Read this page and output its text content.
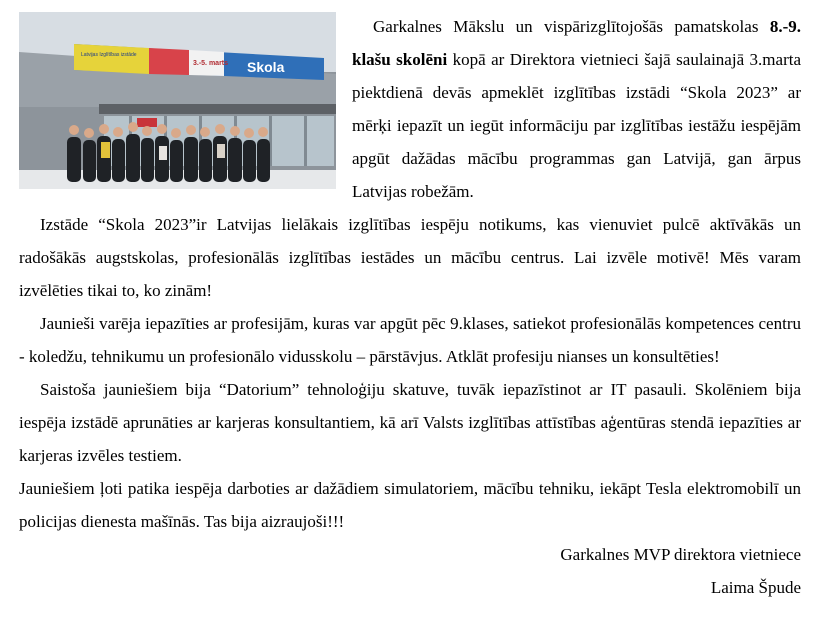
Latvijas Izglītības izstāde
3.-5. marts Skola

Garkalnes Mākslu un vispārizglītojošās pamatskolas 8.-9. klašu skolēni kopā ar Direktora vietnieci šajā saulainajā 3.marta piektdienā devās apmeklēt izglītības izstādi “Skola 2023” ar mērķi iepazīt un iegūt informāciju par izglītības iestāžu iespējām apgūt dažādas mācību programmas gan Latvijā, gan ārpus Latvijas robežām.

Izstāde “Skola 2023”ir Latvijas lielākais izglītības iespēju notikums, kas vienuviet pulcē aktīvākās un radošākās augstskolas, profesionālās izglītības iestādes un mācību centrus. Lai izvēle motivē! Mēs varam izvēlēties tikai to, ko zinām!

Jaunieši varēja iepazīties ar profesijām, kuras var apgūt pēc 9.klases, satiekot profesionālās kompetences centru - koledžu, tehnikumu un profesionālo vidusskolu – pārstāvjus. Atklāt profesiju nianses un konsultēties!

Saistoša jauniešiem bija “Datorium” tehnoloģiju skatuve, tuvāk iepazīstinot ar IT pasauli. Skolēniem bija iespēja izstādē aprunāties ar karjeras konsultantiem, kā arī Valsts izglītības attīstības aģentūras stendā iepazīties ar karjeras izvēles testiem.

Jauniešiem ļoti patika iespēja darboties ar dažādiem simulatoriem, mācību tehniku, iekāpt Tesla elektromobilī un policijas dienesta mašīnās. Tas bija aizraujoši!!!

Garkalnes MVP direktora vietniece
Laima Špude
